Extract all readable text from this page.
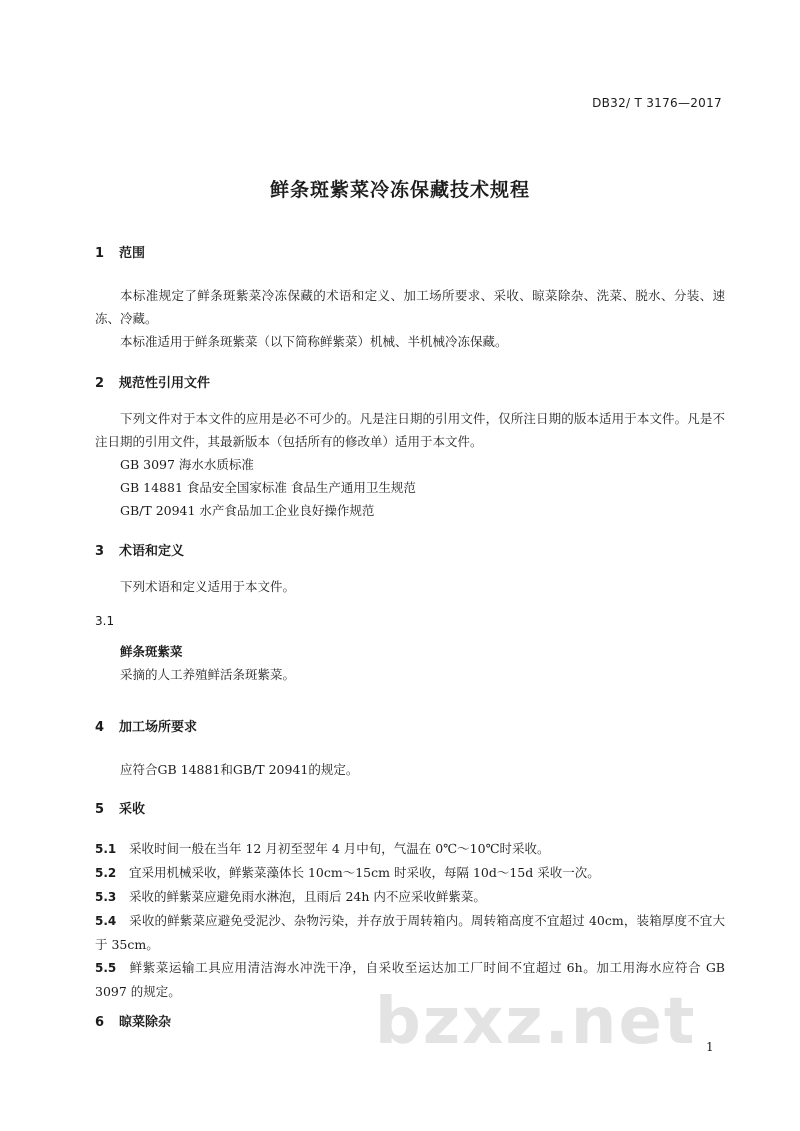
DB32/ T 3176—2017
鲜条斑紫菜冷冻保藏技术规程
1 范围

本标准规定了鲜条斑紫菜冷冻保藏的术语和定义、加工场所要求、采收、晾菜除杂、洗菜、脱水、分装、速冻、冷藏。

本标准适用于鲜条斑紫菜（以下简称鲜紫菜）机械、半机械冷冻保藏。

2 规范性引用文件

下列文件对于本文件的应用是必不可少的。凡是注日期的引用文件，仅所注日期的版本适用于本文件。凡是不注日期的引用文件，其最新版本（包括所有的修改单）适用于本文件。

GB 3097 海水水质标准

GB 14881 食品安全国家标准 食品生产通用卫生规范

GB/T 20941 水产食品加工企业良好操作规范

3 术语和定义

下列术语和定义适用于本文件。

3.1
鲜条斑紫菜

采摘的人工养殖鲜活条斑紫菜。

4 加工场所要求

应符合GB 14881和GB/T 20941的规定。

5 采收

5.1 采收时间一般在当年 12 月初至翌年 4 月中旬，气温在 0℃～10℃时采收。

5.2 宜采用机械采收，鲜紫菜藻体长 10cm～15cm 时采收，每隔 10d～15d 采收一次。

5.3 采收的鲜紫菜应避免雨水淋泡，且雨后 24h 内不应采收鲜紫菜。

5.4 采收的鲜紫菜应避免受泥沙、杂物污染，并存放于周转箱内。周转箱高度不宜超过 40cm，装箱厚度不宜大于 35cm。

5.5 鲜紫菜运输工具应用清洁海水冲洗干净，自采收至运达加工厂时间不宜超过 6h。加工用海水应符合 GB 3097 的规定。

6 晾菜除杂	bzxz.net 1
